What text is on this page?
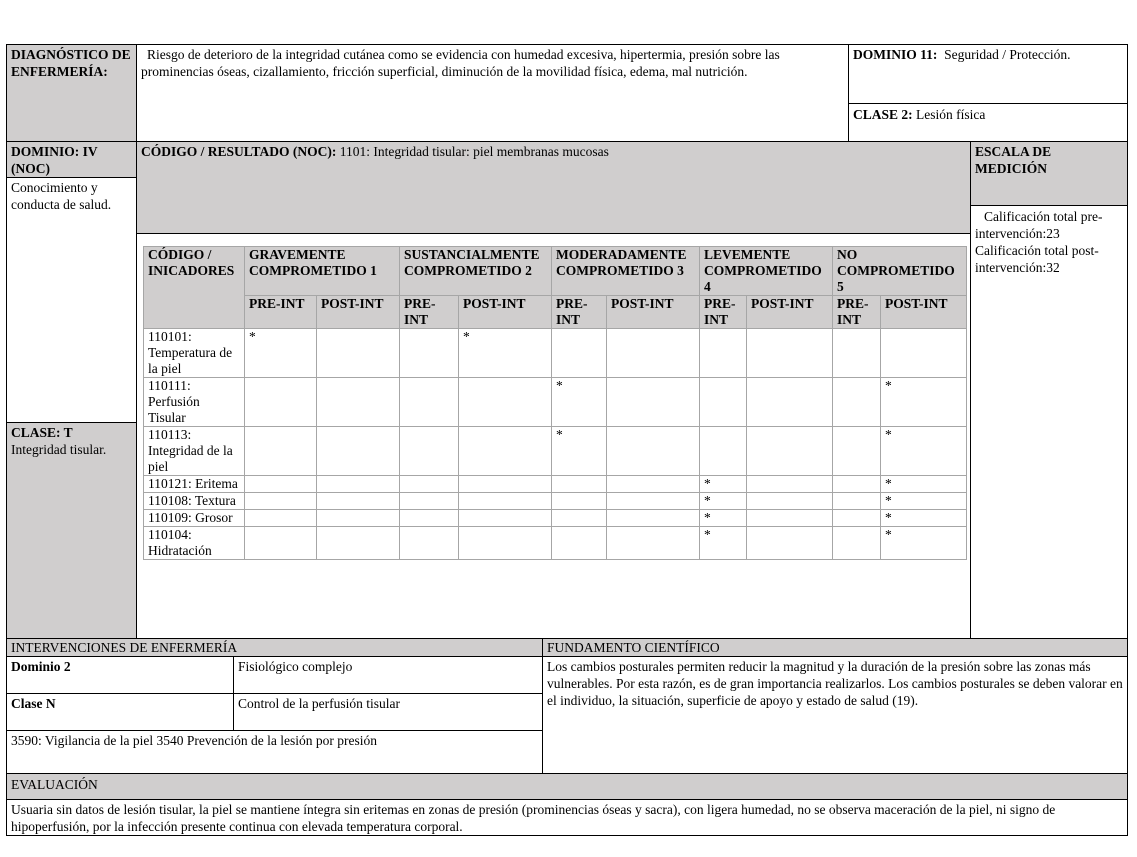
DIAGNÓSTICO DE ENFERMERÍA:
Riesgo de deterioro de la integridad cutánea como se evidencia con humedad excesiva, hipertermia, presión sobre las prominencias óseas, cizallamiento, fricción superficial, diminución de la movilidad física, edema, mal nutrición.
DOMINIO 11: Seguridad / Protección.
CLASE 2: Lesión física
DOMINIO: IV (NOC)
Conocimiento y conducta de salud.
CLASE: T
Integridad tisular.
CÓDIGO / RESULTADO (NOC): 1101: Integridad tisular: piel membranas mucosas	ESCALA DE MEDICIÓN
Calificación total pre-intervención:23
Calificación total post-intervención:32
CÓDIGO / INICADORES	GRAVEMENTE COMPROMETIDO 1		SUSTANCIALMENTE COMPROMETIDO 2		MODERADAMENTE COMPROMETIDO 3		LEVEMENTE COMPROMETIDO 4		NO COMPROMETIDO 5	
	PRE-INT	POST-INT	PRE-INT	POST-INT	PRE-INT	POST-INT	PRE-INT	POST-INT	PRE-INT	POST-INT
110101: Temperatura de la piel	*			*						
110111: Perfusión Tisular					*					*
110113: Integridad de la piel					*					*
110121: Eritema							*			*
110108: Textura							*			*
110109: Grosor							*			*
110104: Hidratación							*			*
INTERVENCIONES DE ENFERMERÍA	FUNDAMENTO CIENTÍFICO
Dominio 2	Fisiológico complejo
Clase N	Control de la perfusión tisular
3590: Vigilancia de la piel 3540 Prevención de la lesión por presión
Los cambios posturales permiten reducir la magnitud y la duración de la presión sobre las zonas más vulnerables. Por esta razón, es de gran importancia realizarlos. Los cambios posturales se deben valorar en el individuo, la situación, superficie de apoyo y estado de salud (19).
EVALUACIÓN
Usuaria sin datos de lesión tisular, la piel se mantiene íntegra sin eritemas en zonas de presión (prominencias óseas y sacra), con ligera humedad, no se observa maceración de la piel, ni signo de hipoperfusión, por la infección presente continua con elevada temperatura corporal.
